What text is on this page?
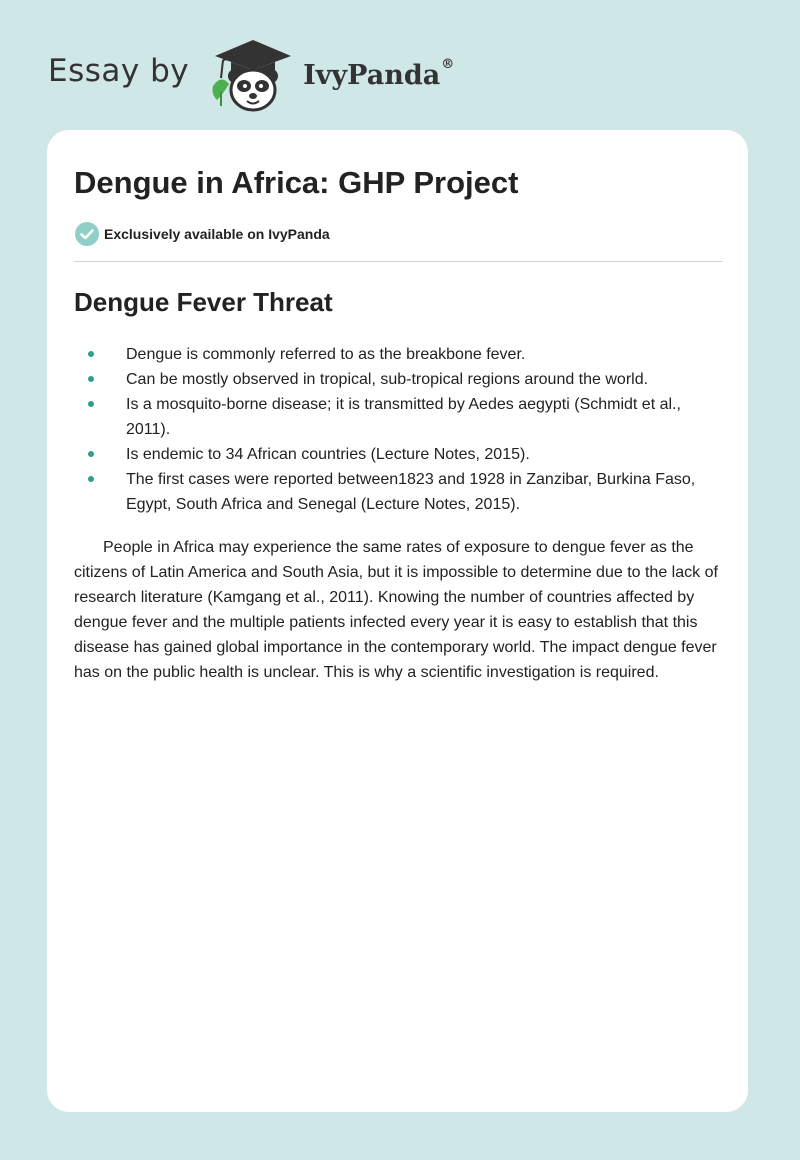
Essay by	IvyPanda®
Dengue in Africa: GHP Project
Exclusively available on IvyPanda
Dengue Fever Threat
Dengue is commonly referred to as the breakbone fever.
Can be mostly observed in tropical, sub-tropical regions around the world.
Is a mosquito-borne disease; it is transmitted by Aedes aegypti (Schmidt et al., 2011).
Is endemic to 34 African countries (Lecture Notes, 2015).
The first cases were reported between1823 and 1928 in Zanzibar, Burkina Faso, Egypt, South Africa and Senegal (Lecture Notes, 2015).

People in Africa may experience the same rates of exposure to dengue fever as the citizens of Latin America and South Asia, but it is impossible to determine due to the lack of research literature (Kamgang et al., 2011). Knowing the number of countries affected by dengue fever and the multiple patients infected every year it is easy to establish that this disease has gained global importance in the contemporary world. The impact dengue fever has on the public health is unclear. This is why a scientific investigation is required.
